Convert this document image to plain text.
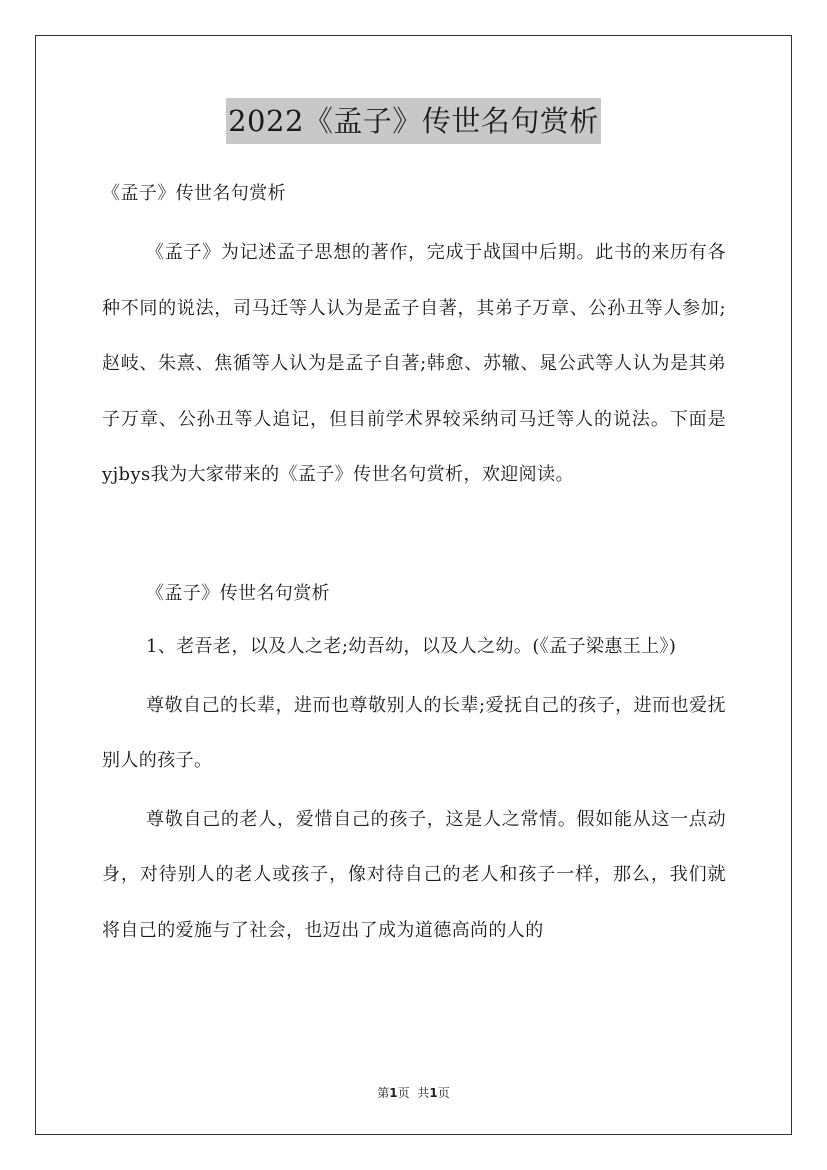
2022《孟子》传世名句赏析

《孟子》传世名句赏析

《孟子》为记述孟子思想的著作，完成于战国中后期。此书的来历有各种不同的说法，司马迁等人认为是孟子自著，其弟子万章、公孙丑等人参加;赵岐、朱熹、焦循等人认为是孟子自著;韩愈、苏辙、晁公武等人认为是其弟子万章、公孙丑等人追记，但目前学术界较采纳司马迁等人的说法。下面是yjbys我为大家带来的《孟子》传世名句赏析，欢迎阅读。

《孟子》传世名句赏析

1、老吾老，以及人之老;幼吾幼，以及人之幼。(《孟子梁惠王上》)

尊敬自己的长辈，进而也尊敬别人的长辈;爱抚自己的孩子，进而也爱抚别人的孩子。

尊敬自己的老人，爱惜自己的孩子，这是人之常情。假如能从这一点动身，对待别人的老人或孩子，像对待自己的老人和孩子一样，那么，我们就将自己的爱施与了社会，也迈出了成为道德高尚的人的

第1页 共1页
